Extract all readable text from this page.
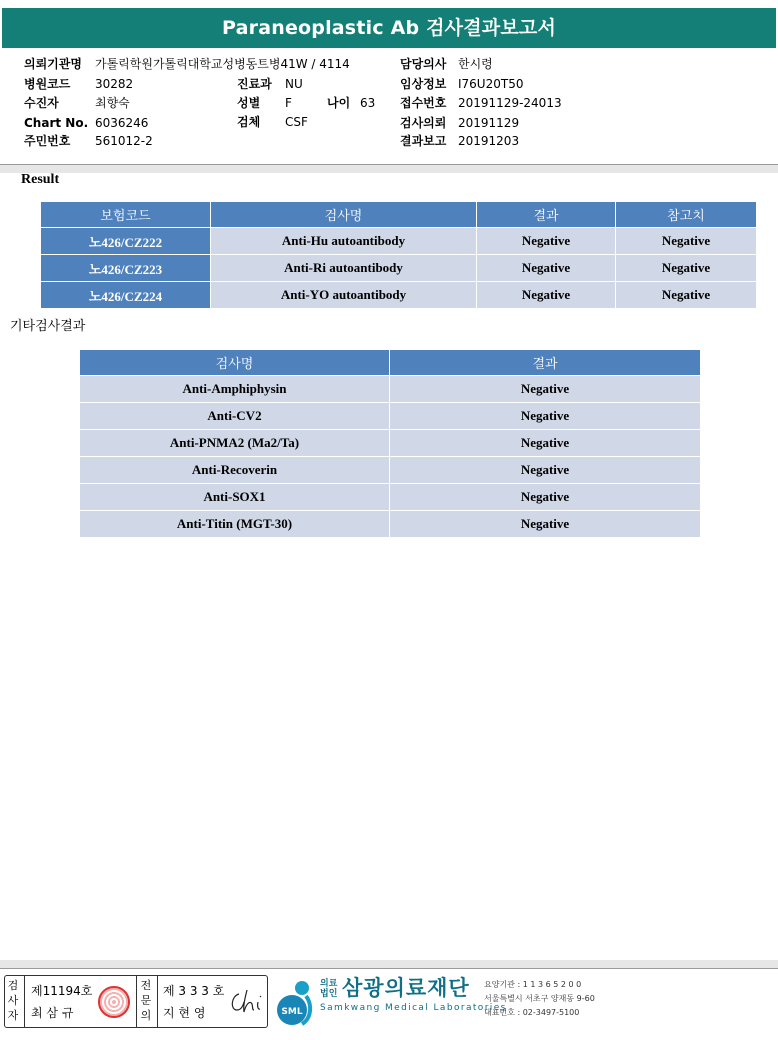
Paraneoplastic Ab 검사결과보고서
의뢰기관명 가톨릭학원가톨릭대학교성병동트병41W / 4114
병원코드 30282
수진자	최향숙
Chart No. 6036246
주민번호 561012-2
진료과 NU
성별 F	나이 63
검체 CSF
담당의사 한시령
임상정보 I76U20T50
접수번호 20191129-24013
검사의뢰 20191129
결과보고 20191203
Result
보험코드	검사명	결과	참고치
노426/CZ222	Anti-Hu autoantibody	Negative	Negative
노426/CZ223	Anti-Ri autoantibody	Negative	Negative
노426/CZ224	Anti-YO autoantibody	Negative	Negative
기타검사결과
검사명	결과
Anti-Amphiphysin	Negative
Anti-CV2	Negative
Anti-PNMA2 (Ma2/Ta)	Negative
Anti-Recoverin	Negative
Anti-SOX1	Negative
Anti-Titin (MGT-30)	Negative
검사자
제11194호
최 삼 규
전문의
제 3 3 3 호
지 현 영	SML
의료
법인 삼광의료재단
Samkwang Medical Laboratories
요양기관 : 1 1 3 6 5 2 0 0
서울특별시 서초구 양재동 9-60
대표번호 : 02-3497-5100
